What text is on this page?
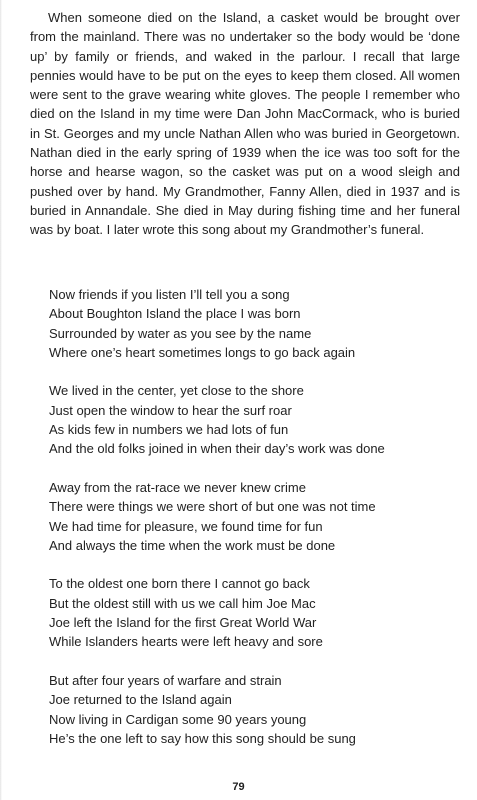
When someone died on the Island, a casket would be brought over from the mainland. There was no undertaker so the body would be ‘done up’ by family or friends, and waked in the parlour. I recall that large pennies would have to be put on the eyes to keep them closed. All women were sent to the grave wearing white gloves. The people I remember who died on the Island in my time were Dan John MacCormack, who is buried in St. Georges and my uncle Nathan Allen who was buried in Georgetown. Nathan died in the early spring of 1939 when the ice was too soft for the horse and hearse wagon, so the casket was put on a wood sleigh and pushed over by hand. My Grandmother, Fanny Allen, died in 1937 and is buried in Annandale. She died in May during fishing time and her funeral was by boat. I later wrote this song about my Grandmother’s funeral.

Now friends if you listen I’ll tell you a song
About Boughton Island the place I was born
Surrounded by water as you see by the name
Where one’s heart sometimes longs to go back again
We lived in the center, yet close to the shore
Just open the window to hear the surf roar
As kids few in numbers we had lots of fun
And the old folks joined in when their day’s work was done
Away from the rat-race we never knew crime
There were things we were short of but one was not time
We had time for pleasure, we found time for fun
And always the time when the work must be done
To the oldest one born there I cannot go back
But the oldest still with us we call him Joe Mac
Joe left the Island for the first Great World War
While Islanders hearts were left heavy and sore
But after four years of warfare and strain
Joe returned to the Island again
Now living in Cardigan some 90 years young
He’s the one left to say how this song should be sung
79
